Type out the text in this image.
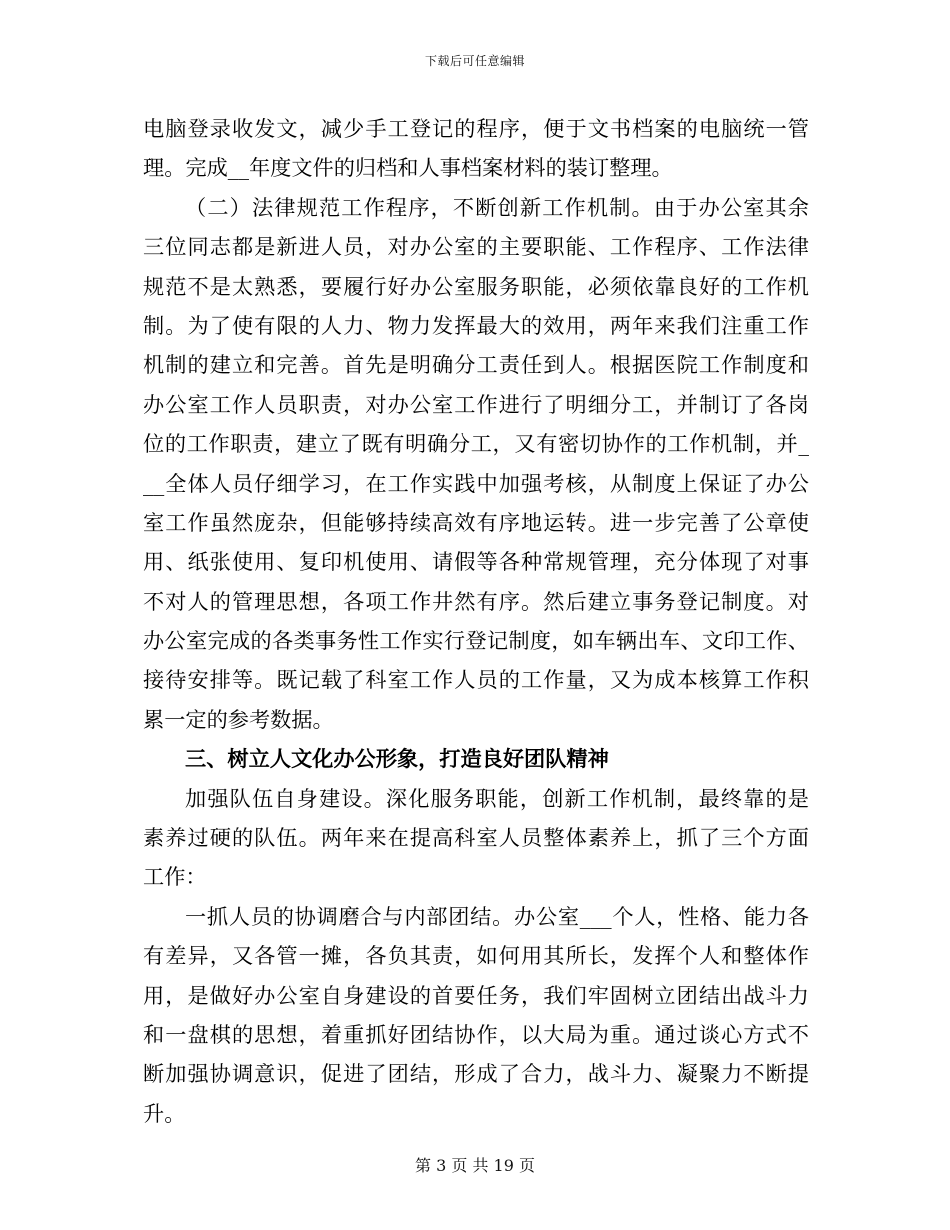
下载后可任意编辑
电脑登录收发文，减少手工登记的程序，便于文书档案的电脑统一管
理。完成__年度文件的归档和人事档案材料的装订整理。
（二）法律规范工作程序，不断创新工作机制。由于办公室其余
三位同志都是新进人员，对办公室的主要职能、工作程序、工作法律
规范不是太熟悉，要履行好办公室服务职能，必须依靠良好的工作机
制。为了使有限的人力、物力发挥最大的效用，两年来我们注重工作
机制的建立和完善。首先是明确分工责任到人。根据医院工作制度和
办公室工作人员职责，对办公室工作进行了明细分工，并制订了各岗
位的工作职责，建立了既有明确分工，又有密切协作的工作机制，并_
__全体人员仔细学习，在工作实践中加强考核，从制度上保证了办公
室工作虽然庞杂，但能够持续高效有序地运转。进一步完善了公章使
用、纸张使用、复印机使用、请假等各种常规管理，充分体现了对事
不对人的管理思想，各项工作井然有序。然后建立事务登记制度。对
办公室完成的各类事务性工作实行登记制度，如车辆出车、文印工作、
接待安排等。既记载了科室工作人员的工作量，又为成本核算工作积
累一定的参考数据。
三、树立人文化办公形象，打造良好团队精神
加强队伍自身建设。深化服务职能，创新工作机制，最终靠的是
素养过硬的队伍。两年来在提高科室人员整体素养上，抓了三个方面
工作：
一抓人员的协调磨合与内部团结。办公室___个人，性格、能力各
有差异，又各管一摊，各负其责，如何用其所长，发挥个人和整体作
用，是做好办公室自身建设的首要任务，我们牢固树立团结出战斗力
和一盘棋的思想，着重抓好团结协作，以大局为重。通过谈心方式不
断加强协调意识，促进了团结，形成了合力，战斗力、凝聚力不断提
升。
第 3 页 共 19 页
